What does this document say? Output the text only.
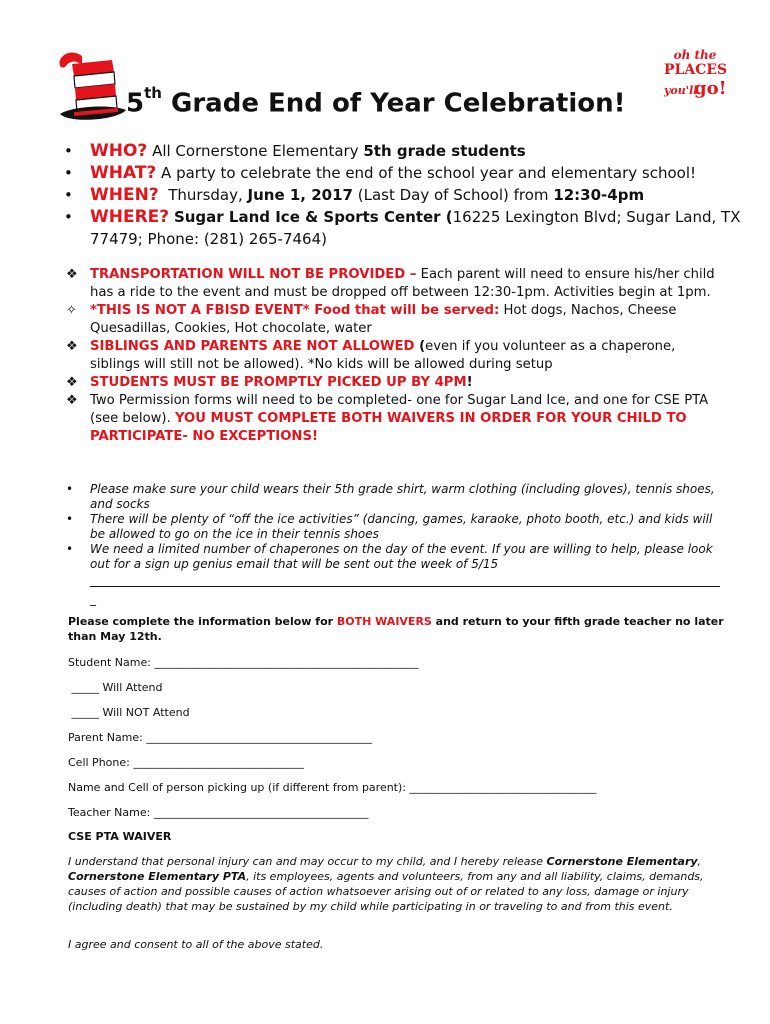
5th Grade End of Year Celebration!
oh the
PLACES
you'llgo!
• WHO? All Cornerstone Elementary 5th grade students
• WHAT? A party to celebrate the end of the school year and elementary school!
• WHEN?  Thursday, June 1, 2017 (Last Day of School) from 12:30-4pm
• WHERE? Sugar Land Ice & Sports Center (16225 Lexington Blvd; Sugar Land, TX 77479; Phone: (281) 265-7464)
❖ TRANSPORTATION WILL NOT BE PROVIDED – Each parent will need to ensure his/her child has a ride to the event and must be dropped off between 12:30-1pm. Activities begin at 1pm.
✧ *THIS IS NOT A FBISD EVENT* Food that will be served: Hot dogs, Nachos, Cheese Quesadillas, Cookies, Hot chocolate, water
❖ SIBLINGS AND PARENTS ARE NOT ALLOWED (even if you volunteer as a chaperone, siblings will still not be allowed). *No kids will be allowed during setup
❖ STUDENTS MUST BE PROMPTLY PICKED UP BY 4PM!
❖ Two Permission forms will need to be completed- one for Sugar Land Ice, and one for CSE PTA (see below). YOU MUST COMPLETE BOTH WAIVERS IN ORDER FOR YOUR CHILD TO PARTICIPATE- NO EXCEPTIONS!
• Please make sure your child wears their 5th grade shirt, warm clothing (including gloves), tennis shoes, and socks
• There will be plenty of “off the ice activities” (dancing, games, karaoke, photo booth, etc.) and kids will be allowed to go on the ice in their tennis shoes
• We need a limited number of chaperones on the day of the event. If you are willing to help, please look out for a sign up genius email that will be sent out the week of 5/15
_
Please complete the information below for BOTH WAIVERS and return to your fifth grade teacher no later than May 12th.
Student Name: ________________________________________________
_____ Will Attend
_____ Will NOT Attend
Parent Name: _________________________________________
Cell Phone: _______________________________
Name and Cell of person picking up (if different from parent): __________________________________
Teacher Name: _______________________________________
CSE PTA WAIVER
I understand that personal injury can and may occur to my child, and I hereby release Cornerstone Elementary, Cornerstone Elementary PTA, its employees, agents and volunteers, from any and all liability, claims, demands, causes of action and possible causes of action whatsoever arising out of or related to any loss, damage or injury (including death) that may be sustained by my child while participating in or traveling to and from this event.
I agree and consent to all of the above stated.
